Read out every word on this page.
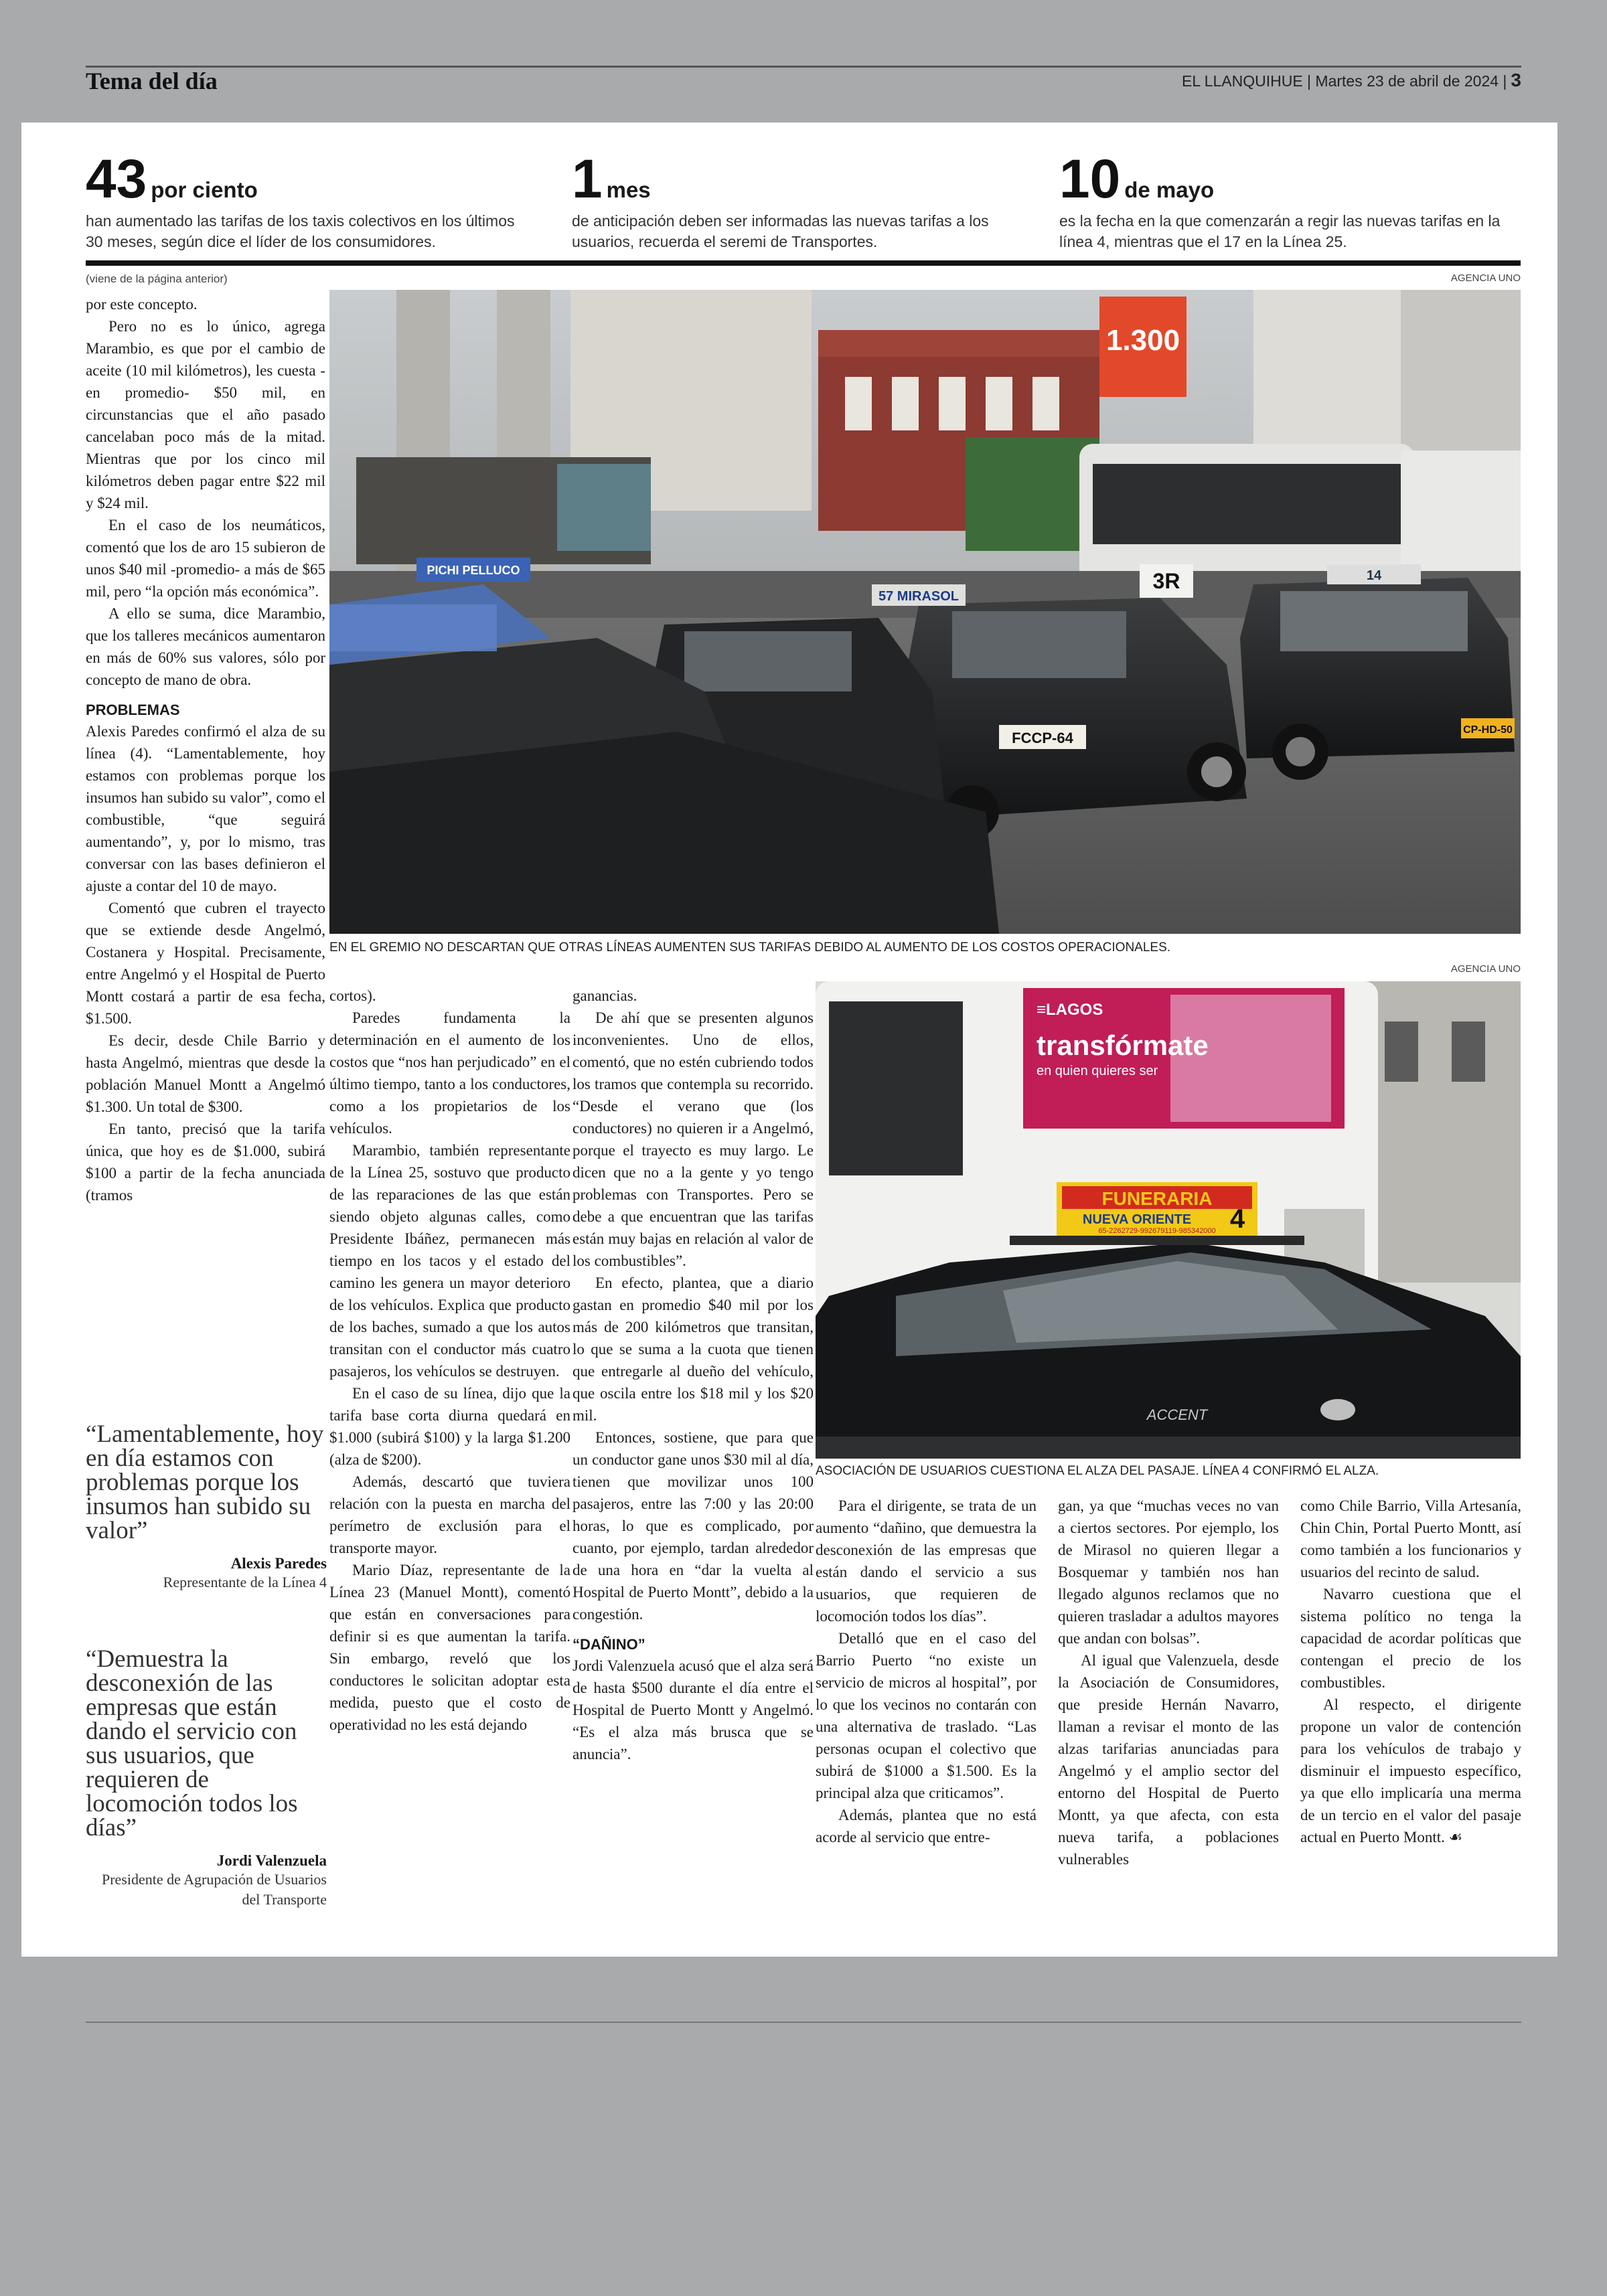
Tema del día	EL LLANQUIHUE | Martes 23 de abril de 2024 | 3
43 por ciento
han aumentado las tarifas de los taxis colectivos en los últimos 30 meses, según dice el líder de los consumidores.
1 mes
de anticipación deben ser informadas las nuevas tarifas a los usuarios, recuerda el seremi de Transportes.
10 de mayo
es la fecha en la que comenzarán a regir las nuevas tarifas en la línea 4, mientras que el 17 en la Línea 25.
(viene de la página anterior)	AGENCIA UNO
1.300
14
CP-HD-50
FCCP-64
57 MIRASOL
3R
PICHI PELLUCO
EN EL GREMIO NO DESCARTAN QUE OTRAS LÍNEAS AUMENTEN SUS TARIFAS DEBIDO AL AUMENTO DE LOS COSTOS OPERACIONALES.
AGENCIA UNO
≡LAGOS
transfórmate
en quien quieres ser
FUNERARIA
NUEVA ORIENTE 4
65-2262729-992679119-985342000
ACCENT
ASOCIACIÓN DE USUARIOS CUESTIONA EL ALZA DEL PASAJE. LÍNEA 4 CONFIRMÓ EL ALZA.

por este concepto.

Pero no es lo único, agrega Marambio, es que por el cambio de aceite (10 mil kilómetros), les cuesta -en promedio- $50 mil, en circunstancias que el año pasado cancelaban poco más de la mitad. Mientras que por los cinco mil kilómetros deben pagar entre $22 mil y $24 mil.

En el caso de los neumáticos, comentó que los de aro 15 subieron de unos $40 mil -promedio- a más de $65 mil, pero “la opción más económica”.

A ello se suma, dice Marambio, que los talleres mecánicos aumentaron en más de 60% sus valores, sólo por concepto de mano de obra.

PROBLEMAS

Alexis Paredes confirmó el alza de su línea (4). “Lamentablemente, hoy estamos con problemas porque los insumos han subido su valor”, como el combustible, “que seguirá aumentando”, y, por lo mismo, tras conversar con las bases definieron el ajuste a contar del 10 de mayo.

Comentó que cubren el trayecto que se extiende desde Angelmó, Costanera y Hospital. Precisamente, entre Angelmó y el Hospital de Puerto Montt costará a partir de esa fecha, $1.500.

Es decir, desde Chile Barrio y hasta Angelmó, mientras que desde la población Manuel Montt a Angelmó $1.300. Un total de $300.

En tanto, precisó que la tarifa única, que hoy es de $1.000, subirá $100 a partir de la fecha anunciada (tramos

“Lamentablemente, hoy en día estamos con problemas porque los insumos han subido su valor”
Alexis Paredes
Representante de la Línea 4
“Demuestra la desconexión de las empresas que están dando el servicio con sus usuarios, que requieren de locomoción todos los días”
Jordi Valenzuela
Presidente de Agrupación de Usuarios del Transporte

cortos).

Paredes fundamenta la determinación en el aumento de los costos que “nos han perjudicado” en el último tiempo, tanto a los conductores, como a los propietarios de los vehículos.

Marambio, también representante de la Línea 25, sostuvo que producto de las reparaciones de las que están siendo objeto algunas calles, como Presidente Ibáñez, permanecen más tiempo en los tacos y el estado del camino les genera un mayor deterioro de los vehículos. Explica que producto de los baches, sumado a que los autos transitan con el conductor más cuatro pasajeros, los vehículos se destruyen.

En el caso de su línea, dijo que la tarifa base corta diurna quedará en $1.000 (subirá $100) y la larga $1.200 (alza de $200).

Además, descartó que tuviera relación con la puesta en marcha del perímetro de exclusión para el transporte mayor.

Mario Díaz, representante de la Línea 23 (Manuel Montt), comentó que están en conversaciones para definir si es que aumentan la tarifa. Sin embargo, reveló que los conductores le solicitan adoptar esta medida, puesto que el costo de operatividad no les está dejando

ganancias.

De ahí que se presenten algunos inconvenientes. Uno de ellos, comentó, que no estén cubriendo todos los tramos que contempla su recorrido. “Desde el verano que (los conductores) no quieren ir a Angelmó, porque el trayecto es muy largo. Le dicen que no a la gente y yo tengo problemas con Transportes. Pero se debe a que encuentran que las tarifas están muy bajas en relación al valor de los combustibles”.

En efecto, plantea, que a diario gastan en promedio $40 mil por los más de 200 kilómetros que transitan, lo que se suma a la cuota que tienen que entregarle al dueño del vehículo, que oscila entre los $18 mil y los $20 mil.

Entonces, sostiene, que para que un conductor gane unos $30 mil al día, tienen que movilizar unos 100 pasajeros, entre las 7:00 y las 20:00 horas, lo que es complicado, por cuanto, por ejemplo, tardan alrededor de una hora en “dar la vuelta al Hospital de Puerto Montt”, debido a la congestión.

“DAÑINO”

Jordi Valenzuela acusó que el alza será de hasta $500 durante el día entre el Hospital de Puerto Montt y Angelmó. “Es el alza más brusca que se anuncia”.

Para el dirigente, se trata de un aumento “dañino, que demuestra la desconexión de las empresas que están dando el servicio a sus usuarios, que requieren de locomoción todos los días”.

Detalló que en el caso del Barrio Puerto “no existe un servicio de micros al hospital”, por lo que los vecinos no contarán con una alternativa de traslado. “Las personas ocupan el colectivo que subirá de $1000 a $1.500. Es la principal alza que criticamos”.

Además, plantea que no está acorde al servicio que entre-

gan, ya que “muchas veces no van a ciertos sectores. Por ejemplo, los de Mirasol no quieren llegar a Bosquemar y también nos han llegado algunos reclamos que no quieren trasladar a adultos mayores que andan con bolsas”.

Al igual que Valenzuela, desde la Asociación de Consumidores, que preside Hernán Navarro, llaman a revisar el monto de las alzas tarifarias anunciadas para Angelmó y el amplio sector del entorno del Hospital de Puerto Montt, ya que afecta, con esta nueva tarifa, a poblaciones vulnerables

como Chile Barrio, Villa Artesanía, Chin Chin, Portal Puerto Montt, así como también a los funcionarios y usuarios del recinto de salud.

Navarro cuestiona que el sistema político no tenga la capacidad de acordar políticas que contengan el precio de los combustibles.

Al respecto, el dirigente propone un valor de contención para los vehículos de trabajo y disminuir el impuesto específico, ya que ello implicaría una merma de un tercio en el valor del pasaje actual en Puerto Montt. ☙
